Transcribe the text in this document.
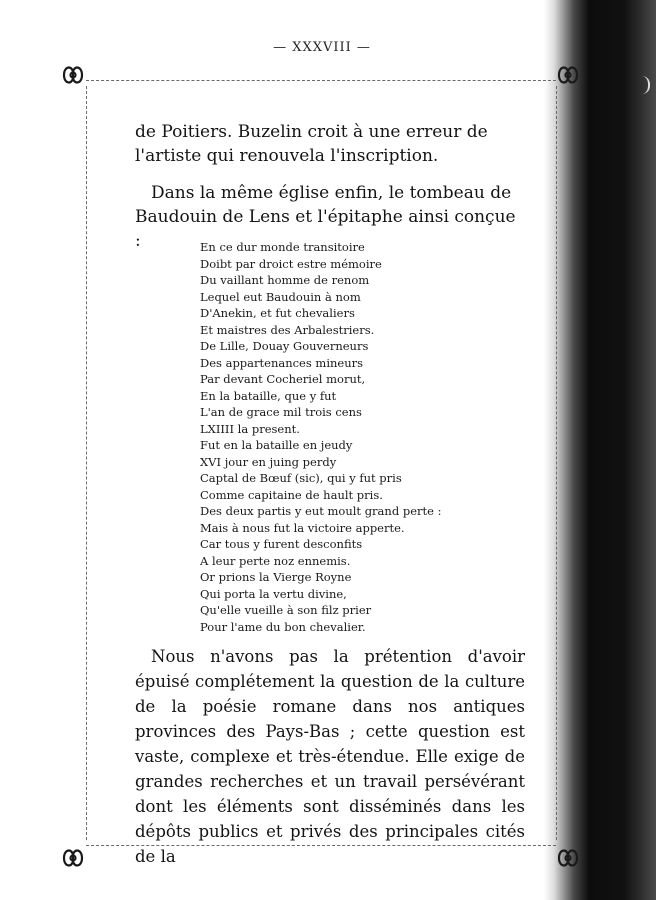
— XXXVIII —

de Poitiers. Buzelin croit à une erreur de l'artiste qui renouvela l'inscription.

Dans la même église enfin, le tombeau de Baudouin de Lens et l'épitaphe ainsi conçue :	En ce dur monde transitoire
Doibt par droict estre mémoire
Du vaillant homme de renom
Lequel eut Baudouin à nom
D'Anekin, et fut chevaliers
Et maistres des Arbalestriers.
De Lille, Douay Gouverneurs
Des appartenances mineurs
Par devant Cocheriel morut,
En la bataille, que y fut
L'an de grace mil trois cens
LXIIII la present.
Fut en la bataille en jeudy
XVI jour en juing perdy
Captal de Bœuf (sic), qui y fut pris
Comme capitaine de hault pris.
Des deux partis y eut moult grand perte :
Mais à nous fut la victoire apperte.
Car tous y furent desconfits
A leur perte noz ennemis.
Or prions la Vierge Royne
Qui porta la vertu divine,
Qu'elle vueille à son filz prier
Pour l'ame du bon chevalier.

Nous n'avons pas la prétention d'avoir épuisé complétement la question de la culture de la poésie romane dans nos antiques provinces des Pays-Bas ; cette question est vaste, complexe et très-étendue. Elle exige de grandes recherches et un travail persévérant dont les éléments sont disséminés dans les dépôts publics et privés des principales cités de la
